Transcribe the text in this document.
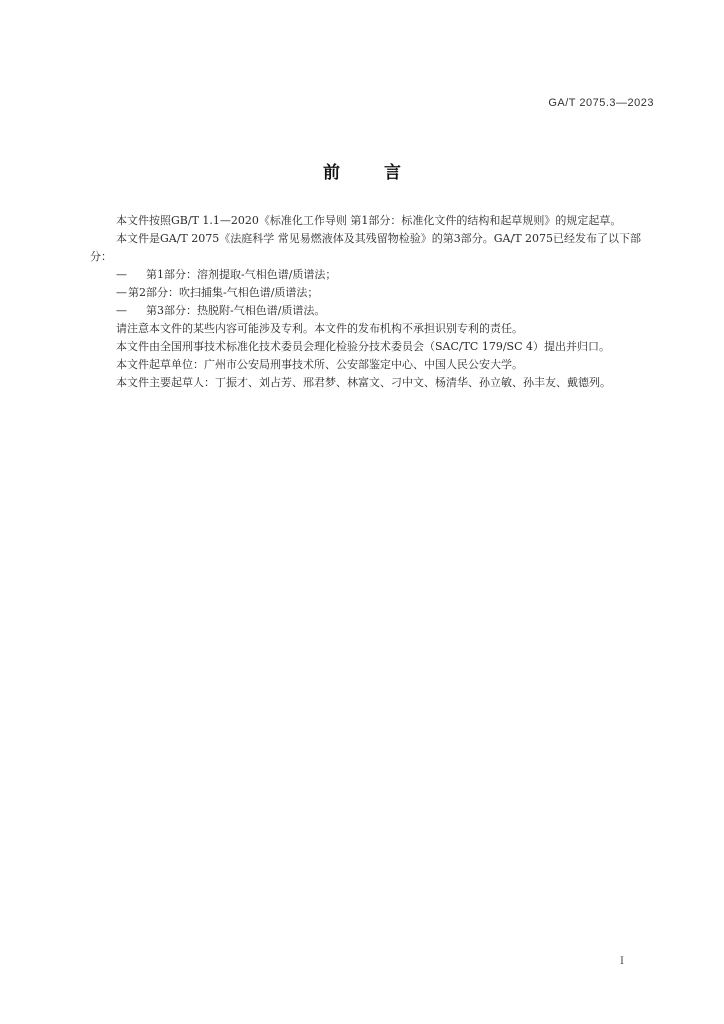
GA/T 2075.3—2023
前 言

本文件按照GB/T 1.1—2020《标准化工作导则 第1部分：标准化文件的结构和起草规则》的规定起草。

本文件是GA/T 2075《法庭科学 常见易燃液体及其残留物检验》的第3部分。GA/T 2075已经发布了以下部分：

— 第1部分：溶剂提取-气相色谱/质谱法；
—第2部分：吹扫捕集-气相色谱/质谱法；
— 第3部分：热脱附-气相色谱/质谱法。

请注意本文件的某些内容可能涉及专利。本文件的发布机构不承担识别专利的责任。

本文件由全国刑事技术标准化技术委员会理化检验分技术委员会（SAC/TC 179/SC 4）提出并归口。

本文件起草单位：广州市公安局刑事技术所、公安部鉴定中心、中国人民公安大学。

本文件主要起草人：丁振才、刘占芳、邢君梦、林富文、刁中文、杨清华、孙立敏、孙丰友、戴德列。

I
